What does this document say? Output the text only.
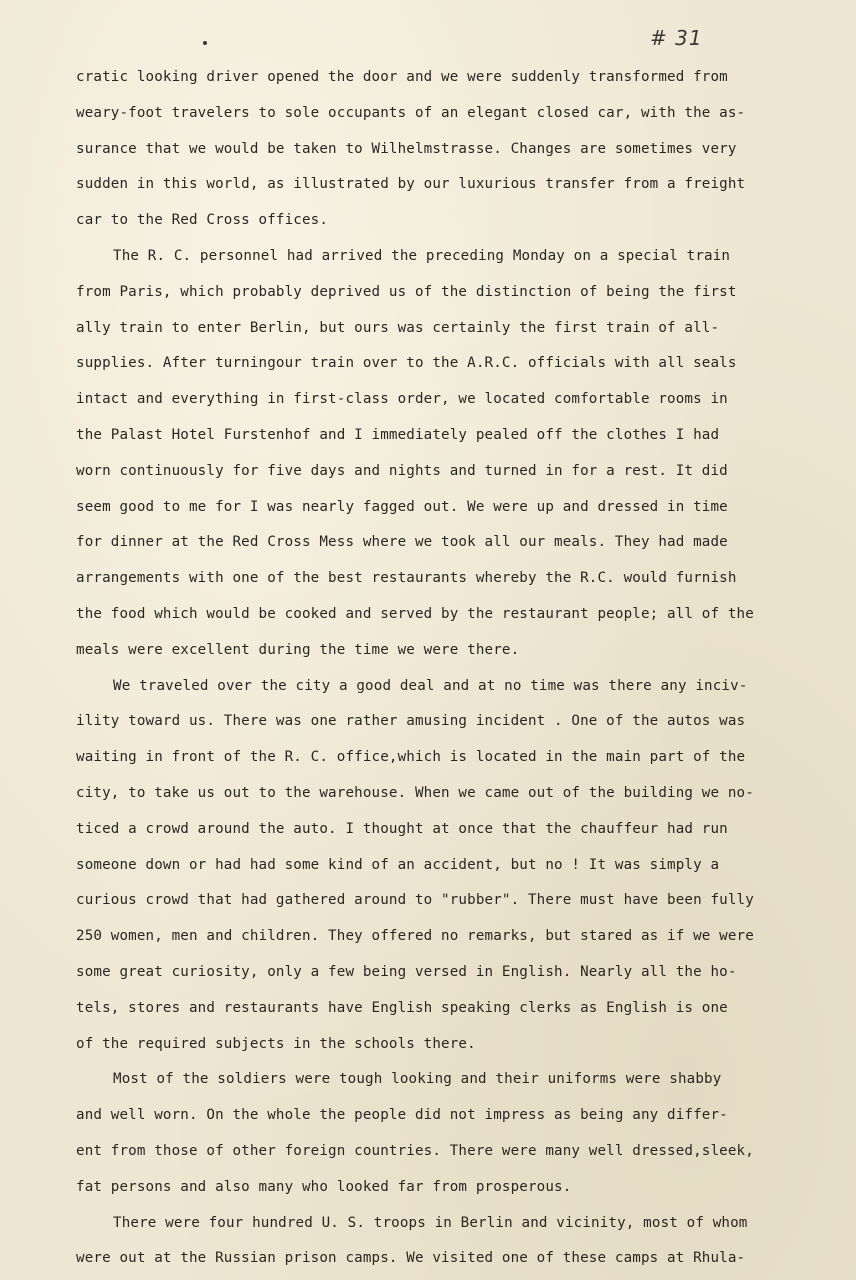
# 31
cratic looking driver opened the door and we were suddenly transformed from
weary-foot travelers to sole occupants of an elegant closed car, with the as-
surance that we would be taken to Wilhelmstrasse. Changes are sometimes very
sudden in this world, as illustrated by our luxurious transfer from a freight
car to the Red Cross offices.
The R. C. personnel had arrived the preceding Monday on a special train
from Paris, which probably deprived us of the distinction of being the first
ally train to enter Berlin, but ours was certainly the first train of all-
supplies. After turningour train over to the A.R.C. officials with all seals
intact and everything in first-class order, we located comfortable rooms in
the Palast Hotel Furstenhof and I immediately pealed off the clothes I had
worn continuously for five days and nights and turned in for a rest. It did
seem good to me for I was nearly fagged out. We were up and dressed in time
for dinner at the Red Cross Mess where we took all our meals. They had made
arrangements with one of the best restaurants whereby the R.C. would furnish
the food which would be cooked and served by the restaurant people; all of the
meals were excellent during the time we were there.
We traveled over the city a good deal and at no time was there any inciv-
ility toward us. There was one rather amusing incident . One of the autos was
waiting in front of the R. C. office,which is located in the main part of the
city, to take us out to the warehouse. When we came out of the building we no-
ticed a crowd around the auto. I thought at once that the chauffeur had run
someone down or had had some kind of an accident, but no ! It was simply a
curious crowd that had gathered around to "rubber". There must have been fully
250 women, men and children. They offered no remarks, but stared as if we were
some great curiosity, only a few being versed in English. Nearly all the ho-
tels, stores and restaurants have English speaking clerks as English is one
of the required subjects in the schools there.
Most of the soldiers were tough looking and their uniforms were shabby
and well worn. On the whole the people did not impress as being any differ-
ent from those of other foreign countries. There were many well dressed,sleek,
fat persons and also many who looked far from prosperous.
There were four hundred U. S. troops in Berlin and vicinity, most of whom
were out at the Russian prison camps. We visited one of these camps at Rhula-
